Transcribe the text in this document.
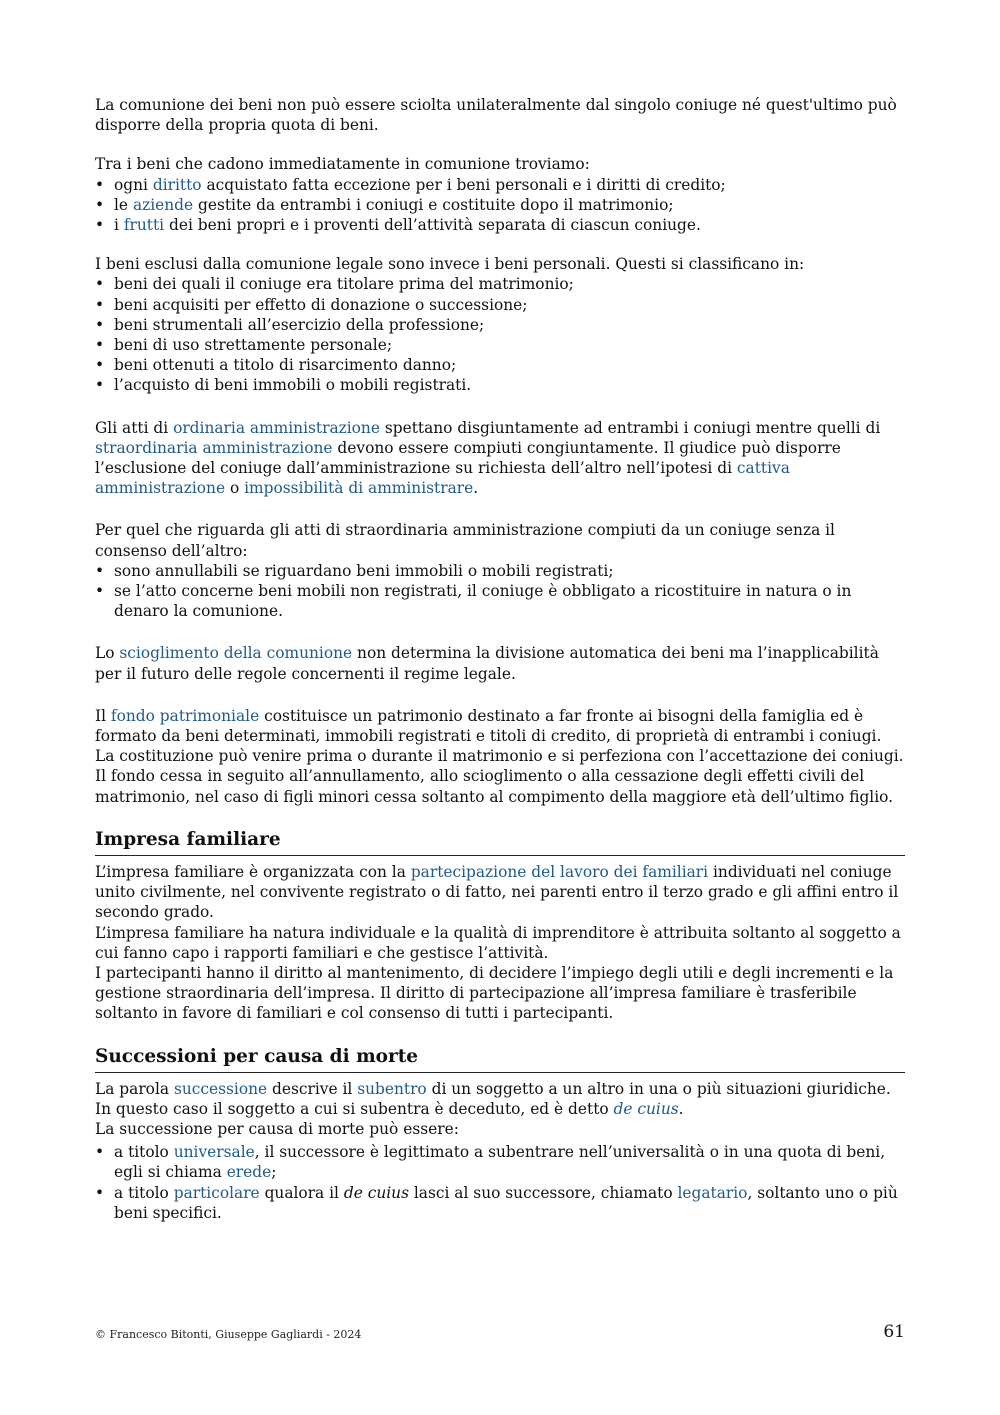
La comunione dei beni non può essere sciolta unilateralmente dal singolo coniuge né quest'ultimo può disporre della propria quota di beni.

Tra i beni che cadono immediatamente in comunione troviamo:

• ogni diritto acquistato fatta eccezione per i beni personali e i diritti di credito;
• le aziende gestite da entrambi i coniugi e costituite dopo il matrimonio;
• i frutti dei beni propri e i proventi dell’attività separata di ciascun coniuge.

I beni esclusi dalla comunione legale sono invece i beni personali. Questi si classificano in:

• beni dei quali il coniuge era titolare prima del matrimonio;
• beni acquisiti per effetto di donazione o successione;
• beni strumentali all’esercizio della professione;
• beni di uso strettamente personale;
• beni ottenuti a titolo di risarcimento danno;
• l’acquisto di beni immobili o mobili registrati.

Gli atti di ordinaria amministrazione spettano disgiuntamente ad entrambi i coniugi mentre quelli di straordinaria amministrazione devono essere compiuti congiuntamente. Il giudice può disporre l’esclusione del coniuge dall’amministrazione su richiesta dell’altro nell’ipotesi di cattiva amministrazione o impossibilità di amministrare.

Per quel che riguarda gli atti di straordinaria amministrazione compiuti da un coniuge senza il consenso dell’altro:

• sono annullabili se riguardano beni immobili o mobili registrati;
• se l’atto concerne beni mobili non registrati, il coniuge è obbligato a ricostituire in natura o in denaro la comunione.

Lo scioglimento della comunione non determina la divisione automatica dei beni ma l’inapplicabilità per il futuro delle regole concernenti il regime legale.

Il fondo patrimoniale costituisce un patrimonio destinato a far fronte ai bisogni della famiglia ed è formato da beni determinati, immobili registrati e titoli di credito, di proprietà di entrambi i coniugi. La costituzione può venire prima o durante il matrimonio e si perfeziona con l’accettazione dei coniugi.

Il fondo cessa in seguito all’annullamento, allo scioglimento o alla cessazione degli effetti civili del matrimonio, nel caso di figli minori cessa soltanto al compimento della maggiore età dell’ultimo figlio.

Impresa familiare

L’impresa familiare è organizzata con la partecipazione del lavoro dei familiari individuati nel coniuge unito civilmente, nel convivente registrato o di fatto, nei parenti entro il terzo grado e gli affini entro il secondo grado.

L’impresa familiare ha natura individuale e la qualità di imprenditore è attribuita soltanto al soggetto a cui fanno capo i rapporti familiari e che gestisce l’attività.

I partecipanti hanno il diritto al mantenimento, di decidere l’impiego degli utili e degli incrementi e la gestione straordinaria dell’impresa. Il diritto di partecipazione all’impresa familiare è trasferibile soltanto in favore di familiari e col consenso di tutti i partecipanti.

Successioni per causa di morte

La parola successione descrive il subentro di un soggetto a un altro in una o più situazioni giuridiche. In questo caso il soggetto a cui si subentra è deceduto, ed è detto de cuius.

La successione per causa di morte può essere:

• a titolo universale, il successore è legittimato a subentrare nell’universalità o in una quota di beni, egli si chiama erede;
• a titolo particolare qualora il de cuius lasci al suo successore, chiamato legatario, soltanto uno o più beni specifici.
© Francesco Bitonti, Giuseppe Gagliardi - 2024	61
